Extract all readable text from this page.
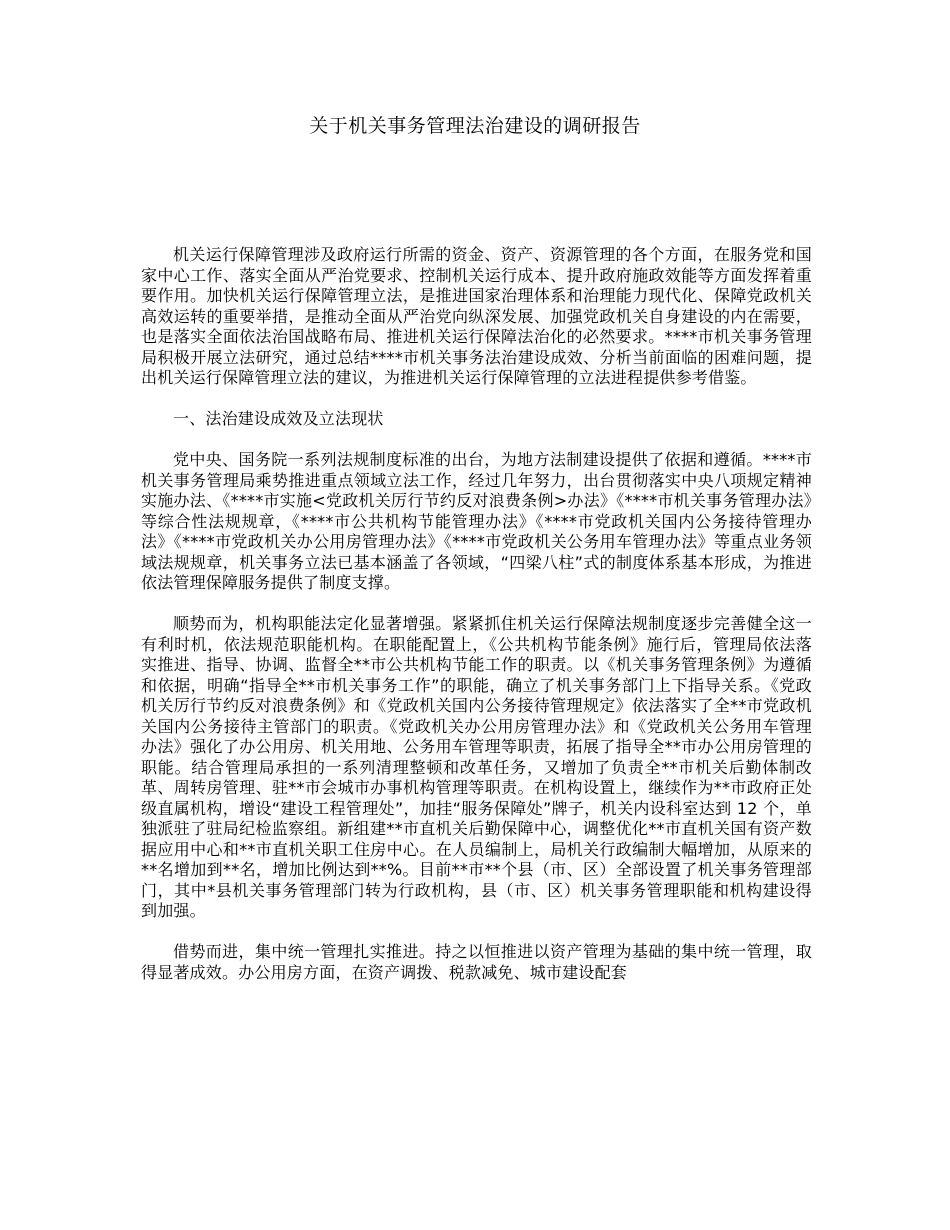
关于机关事务管理法治建设的调研报告

机关运行保障管理涉及政府运行所需的资金、资产、资源管理的各个方面，在服务党和国家中心工作、落实全面从严治党要求、控制机关运行成本、提升政府施政效能等方面发挥着重要作用。加快机关运行保障管理立法，是推进国家治理体系和治理能力现代化、保障党政机关高效运转的重要举措，是推动全面从严治党向纵深发展、加强党政机关自身建设的内在需要，也是落实全面依法治国战略布局、推进机关运行保障法治化的必然要求。****市机关事务管理局积极开展立法研究，通过总结****市机关事务法治建设成效、分析当前面临的困难问题，提出机关运行保障管理立法的建议，为推进机关运行保障管理的立法进程提供参考借鉴。

一、法治建设成效及立法现状

党中央、国务院一系列法规制度标准的出台，为地方法制建设提供了依据和遵循。****市机关事务管理局乘势推进重点领域立法工作，经过几年努力，出台贯彻落实中央八项规定精神实施办法、《****市实施<党政机关厉行节约反对浪费条例>办法》《****市机关事务管理办法》等综合性法规规章，《****市公共机构节能管理办法》《****市党政机关国内公务接待管理办法》《****市党政机关办公用房管理办法》《****市党政机关公务用车管理办法》等重点业务领域法规规章，机关事务立法已基本涵盖了各领域，“四梁八柱”式的制度体系基本形成，为推进依法管理保障服务提供了制度支撑。

顺势而为，机构职能法定化显著增强。紧紧抓住机关运行保障法规制度逐步完善健全这一有利时机，依法规范职能机构。在职能配置上，《公共机构节能条例》施行后，管理局依法落实推进、指导、协调、监督全**市公共机构节能工作的职责。以《机关事务管理条例》为遵循和依据，明确“指导全**市机关事务工作”的职能，确立了机关事务部门上下指导关系。《党政机关厉行节约反对浪费条例》和《党政机关国内公务接待管理规定》依法落实了全**市党政机关国内公务接待主管部门的职责。《党政机关办公用房管理办法》和《党政机关公务用车管理办法》强化了办公用房、机关用地、公务用车管理等职责，拓展了指导全**市办公用房管理的职能。结合管理局承担的一系列清理整顿和改革任务，又增加了负责全**市机关后勤体制改革、周转房管理、驻**市会城市办事机构管理等职责。在机构设置上，继续作为**市政府正处级直属机构，增设“建设工程管理处”，加挂“服务保障处”牌子，机关内设科室达到 12 个，单独派驻了驻局纪检监察组。新组建**市直机关后勤保障中心，调整优化**市直机关国有资产数据应用中心和**市直机关职工住房中心。在人员编制上，局机关行政编制大幅增加，从原来的**名增加到**名，增加比例达到**%。目前**市**个县（市、区）全部设置了机关事务管理部门，其中*县机关事务管理部门转为行政机构，县（市、区）机关事务管理职能和机构建设得到加强。

借势而进，集中统一管理扎实推进。持之以恒推进以资产管理为基础的集中统一管理，取得显著成效。办公用房方面，在资产调拨、税款减免、城市建设配套
